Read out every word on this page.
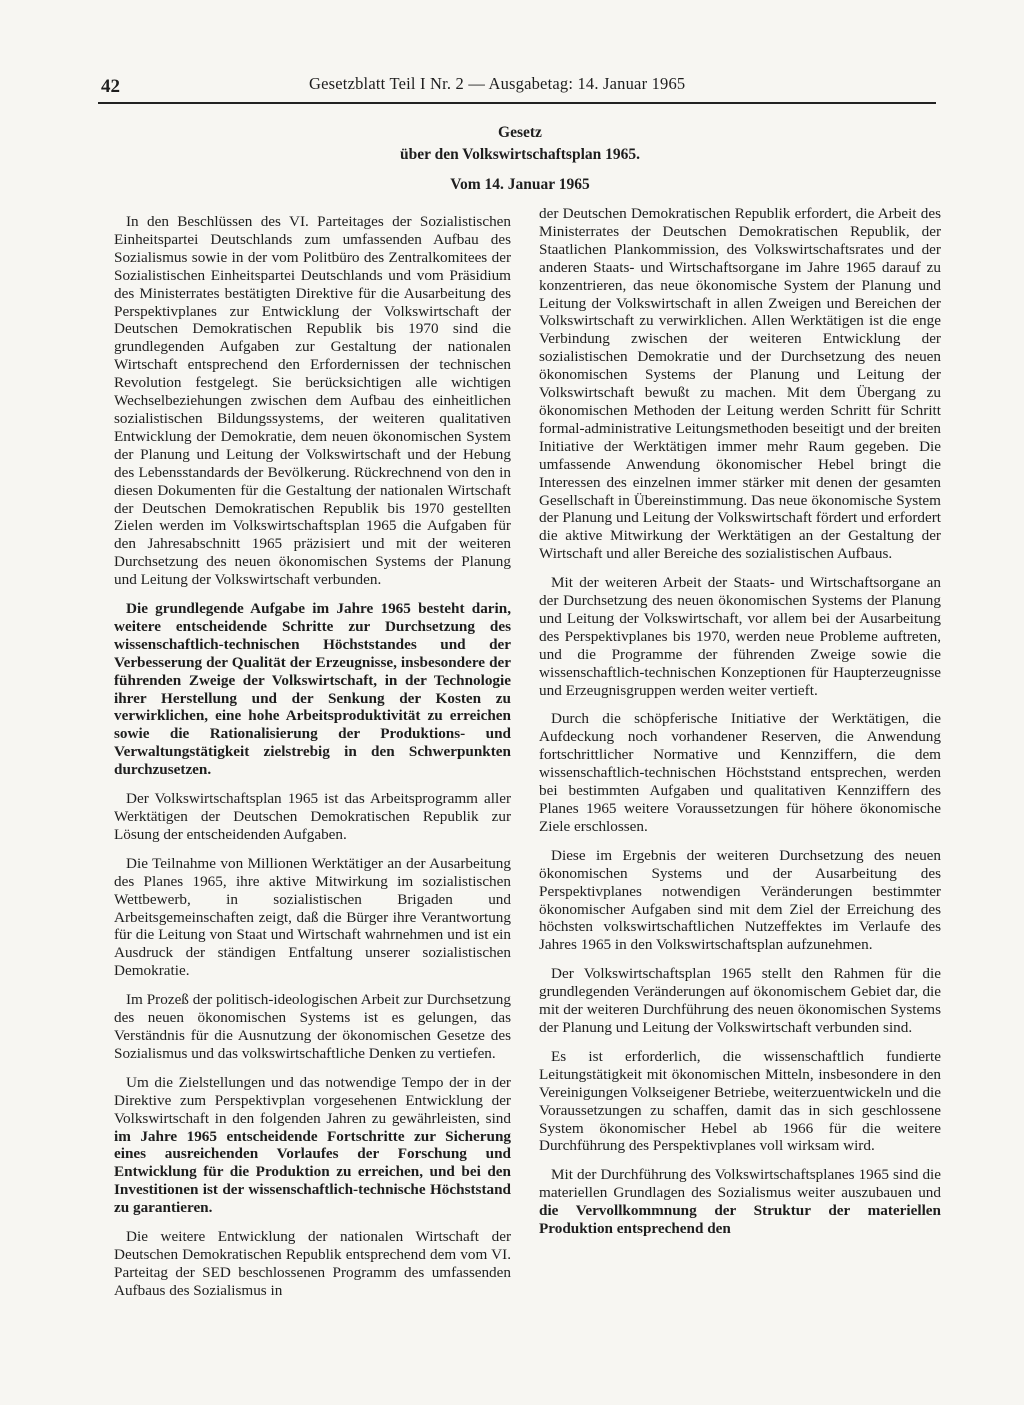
42	Gesetzblatt Teil I Nr. 2 — Ausgabetag: 14. Januar 1965
Gesetz
über den Volkswirtschaftsplan 1965.
Vom 14. Januar 1965

In den Beschlüssen des VI. Parteitages der Sozialistischen Einheitspartei Deutschlands zum umfassenden Aufbau des Sozialismus sowie in der vom Politbüro des Zentralkomitees der Sozialistischen Einheitspartei Deutschlands und vom Präsidium des Ministerrates bestätigten Direktive für die Ausarbeitung des Perspektivplanes zur Entwicklung der Volkswirtschaft der Deutschen Demokratischen Republik bis 1970 sind die grundlegenden Aufgaben zur Gestaltung der nationalen Wirtschaft entsprechend den Erfordernissen der technischen Revolution festgelegt. Sie berücksichtigen alle wichtigen Wechselbeziehungen zwischen dem Aufbau des einheitlichen sozialistischen Bildungssystems, der weiteren qualitativen Entwicklung der Demokratie, dem neuen ökonomischen System der Planung und Leitung der Volkswirtschaft und der Hebung des Lebensstandards der Bevölkerung. Rückrechnend von den in diesen Dokumenten für die Gestaltung der nationalen Wirtschaft der Deutschen Demokratischen Republik bis 1970 gestellten Zielen werden im Volkswirtschaftsplan 1965 die Aufgaben für den Jahresabschnitt 1965 präzisiert und mit der weiteren Durchsetzung des neuen ökonomischen Systems der Planung und Leitung der Volkswirtschaft verbunden.

Die grundlegende Aufgabe im Jahre 1965 besteht darin, weitere entscheidende Schritte zur Durchsetzung des wissenschaftlich-technischen Höchststandes und der Verbesserung der Qualität der Erzeugnisse, insbesondere der führenden Zweige der Volkswirtschaft, in der Technologie ihrer Herstellung und der Senkung der Kosten zu verwirklichen, eine hohe Arbeitsproduktivität zu erreichen sowie die Rationalisierung der Produktions- und Verwaltungstätigkeit zielstrebig in den Schwerpunkten durchzusetzen.

Der Volkswirtschaftsplan 1965 ist das Arbeitsprogramm aller Werktätigen der Deutschen Demokratischen Republik zur Lösung der entscheidenden Aufgaben.

Die Teilnahme von Millionen Werktätiger an der Ausarbeitung des Planes 1965, ihre aktive Mitwirkung im sozialistischen Wettbewerb, in sozialistischen Brigaden und Arbeitsgemeinschaften zeigt, daß die Bürger ihre Verantwortung für die Leitung von Staat und Wirtschaft wahrnehmen und ist ein Ausdruck der ständigen Entfaltung unserer sozialistischen Demokratie.

Im Prozeß der politisch-ideologischen Arbeit zur Durchsetzung des neuen ökonomischen Systems ist es gelungen, das Verständnis für die Ausnutzung der ökonomischen Gesetze des Sozialismus und das volkswirtschaftliche Denken zu vertiefen.

Um die Zielstellungen und das notwendige Tempo der in der Direktive zum Perspektivplan vorgesehenen Entwicklung der Volkswirtschaft in den folgenden Jahren zu gewährleisten, sind im Jahre 1965 entscheidende Fortschritte zur Sicherung eines ausreichenden Vorlaufes der Forschung und Entwicklung für die Produktion zu erreichen, und bei den Investitionen ist der wissenschaftlich-technische Höchststand zu garantieren.

Die weitere Entwicklung der nationalen Wirtschaft der Deutschen Demokratischen Republik entsprechend dem vom VI. Parteitag der SED beschlossenen Programm des umfassenden Aufbaus des Sozialismus in

der Deutschen Demokratischen Republik erfordert, die Arbeit des Ministerrates der Deutschen Demokratischen Republik, der Staatlichen Plankommission, des Volkswirtschaftsrates und der anderen Staats- und Wirtschaftsorgane im Jahre 1965 darauf zu konzentrieren, das neue ökonomische System der Planung und Leitung der Volkswirtschaft in allen Zweigen und Bereichen der Volkswirtschaft zu verwirklichen. Allen Werktätigen ist die enge Verbindung zwischen der weiteren Entwicklung der sozialistischen Demokratie und der Durchsetzung des neuen ökonomischen Systems der Planung und Leitung der Volkswirtschaft bewußt zu machen. Mit dem Übergang zu ökonomischen Methoden der Leitung werden Schritt für Schritt formal-administrative Leitungsmethoden beseitigt und der breiten Initiative der Werktätigen immer mehr Raum gegeben. Die umfassende Anwendung ökonomischer Hebel bringt die Interessen des einzelnen immer stärker mit denen der gesamten Gesellschaft in Übereinstimmung. Das neue ökonomische System der Planung und Leitung der Volkswirtschaft fördert und erfordert die aktive Mitwirkung der Werktätigen an der Gestaltung der Wirtschaft und aller Bereiche des sozialistischen Aufbaus.

Mit der weiteren Arbeit der Staats- und Wirtschaftsorgane an der Durchsetzung des neuen ökonomischen Systems der Planung und Leitung der Volkswirtschaft, vor allem bei der Ausarbeitung des Perspektivplanes bis 1970, werden neue Probleme auftreten, und die Programme der führenden Zweige sowie die wissenschaftlich-technischen Konzeptionen für Haupterzeugnisse und Erzeugnisgruppen werden weiter vertieft.

Durch die schöpferische Initiative der Werktätigen, die Aufdeckung noch vorhandener Reserven, die Anwendung fortschrittlicher Normative und Kennziffern, die dem wissenschaftlich-technischen Höchststand entsprechen, werden bei bestimmten Aufgaben und qualitativen Kennziffern des Planes 1965 weitere Voraussetzungen für höhere ökonomische Ziele erschlossen.

Diese im Ergebnis der weiteren Durchsetzung des neuen ökonomischen Systems und der Ausarbeitung des Perspektivplanes notwendigen Veränderungen bestimmter ökonomischer Aufgaben sind mit dem Ziel der Erreichung des höchsten volkswirtschaftlichen Nutzeffektes im Verlaufe des Jahres 1965 in den Volkswirtschaftsplan aufzunehmen.

Der Volkswirtschaftsplan 1965 stellt den Rahmen für die grundlegenden Veränderungen auf ökonomischem Gebiet dar, die mit der weiteren Durchführung des neuen ökonomischen Systems der Planung und Leitung der Volkswirtschaft verbunden sind.

Es ist erforderlich, die wissenschaftlich fundierte Leitungstätigkeit mit ökonomischen Mitteln, insbesondere in den Vereinigungen Volkseigener Betriebe, weiterzuentwickeln und die Voraussetzungen zu schaffen, damit das in sich geschlossene System ökonomischer Hebel ab 1966 für die weitere Durchführung des Perspektivplanes voll wirksam wird.

Mit der Durchführung des Volkswirtschaftsplanes 1965 sind die materiellen Grundlagen des Sozialismus weiter auszubauen und die Vervollkommnung der Struktur der materiellen Produktion entsprechend den
